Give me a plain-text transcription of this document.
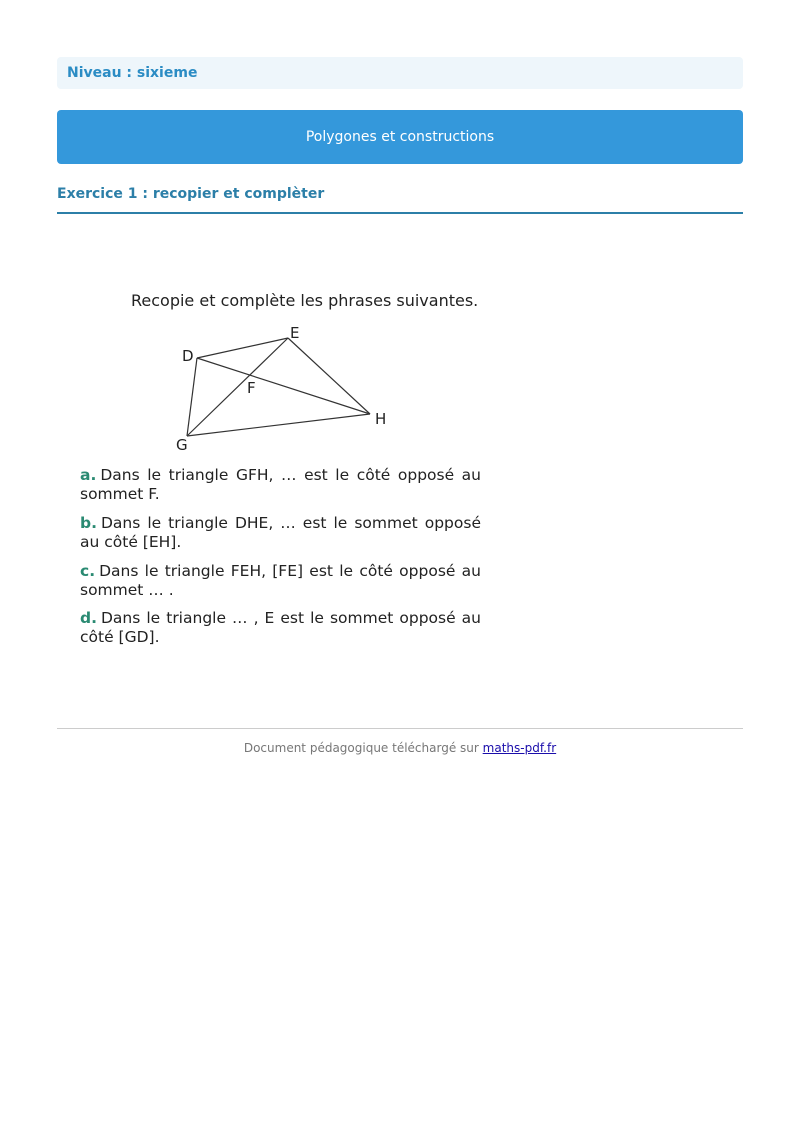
Niveau : sixieme
Polygones et constructions
Exercice 1 : recopier et complèter
Recopie et complète les phrases suivantes.
E
D
F
H
G
a. Dans le triangle GFH, … est le côté opposé au sommet F.
b. Dans le triangle DHE, … est le sommet opposé au côté [EH].
c. Dans le triangle FEH, [FE] est le côté opposé au sommet … .
d. Dans le triangle … , E est le sommet opposé au côté [GD].
Document pédagogique téléchargé sur maths-pdf.fr
